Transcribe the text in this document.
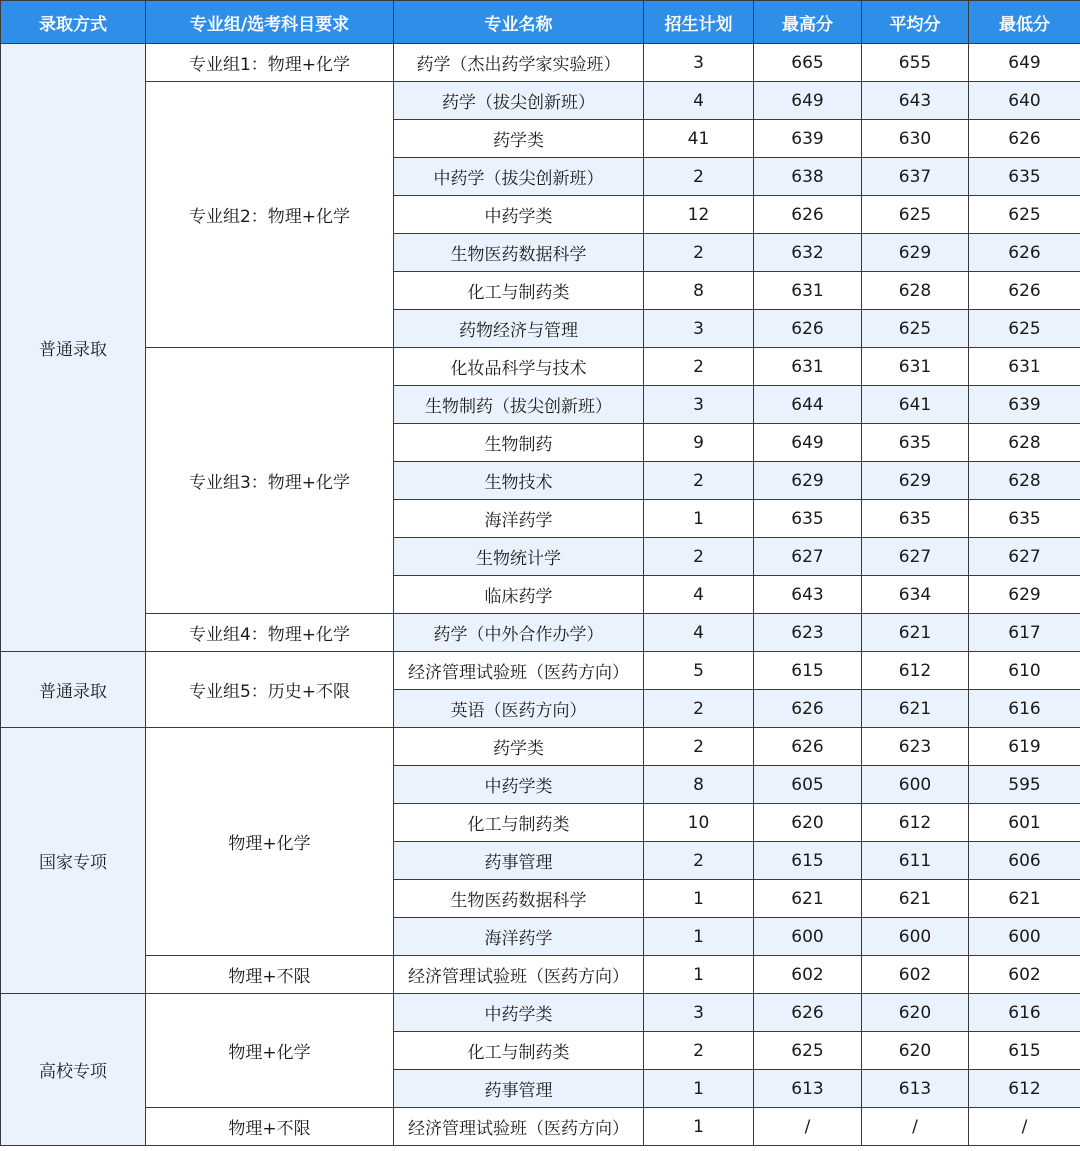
录取方式	专业组/选考科目要求	专业名称	招生计划	最高分	平均分	最低分
普通录取	专业组1：物理+化学	药学（杰出药学家实验班）	3	665	655	649
	专业组2：物理+化学	药学（拔尖创新班）	4	649	643	640
		药学类	41	639	630	626
		中药学（拔尖创新班）	2	638	637	635
		中药学类	12	626	625	625
		生物医药数据科学	2	632	629	626
		化工与制药类	8	631	628	626
		药物经济与管理	3	626	625	625
	专业组3：物理+化学	化妆品科学与技术	2	631	631	631
		生物制药（拔尖创新班）	3	644	641	639
		生物制药	9	649	635	628
		生物技术	2	629	629	628
		海洋药学	1	635	635	635
		生物统计学	2	627	627	627
		临床药学	4	643	634	629
	专业组4：物理+化学	药学（中外合作办学）	4	623	621	617
普通录取	专业组5：历史+不限	经济管理试验班（医药方向）	5	615	612	610
		英语（医药方向）	2	626	621	616
国家专项	物理+化学	药学类	2	626	623	619
		中药学类	8	605	600	595
		化工与制药类	10	620	612	601
		药事管理	2	615	611	606
		生物医药数据科学	1	621	621	621
		海洋药学	1	600	600	600
	物理+不限	经济管理试验班（医药方向）	1	602	602	602
高校专项	物理+化学	中药学类	3	626	620	616
		化工与制药类	2	625	620	615
		药事管理	1	613	613	612
	物理+不限	经济管理试验班（医药方向）	1	/	/	/
